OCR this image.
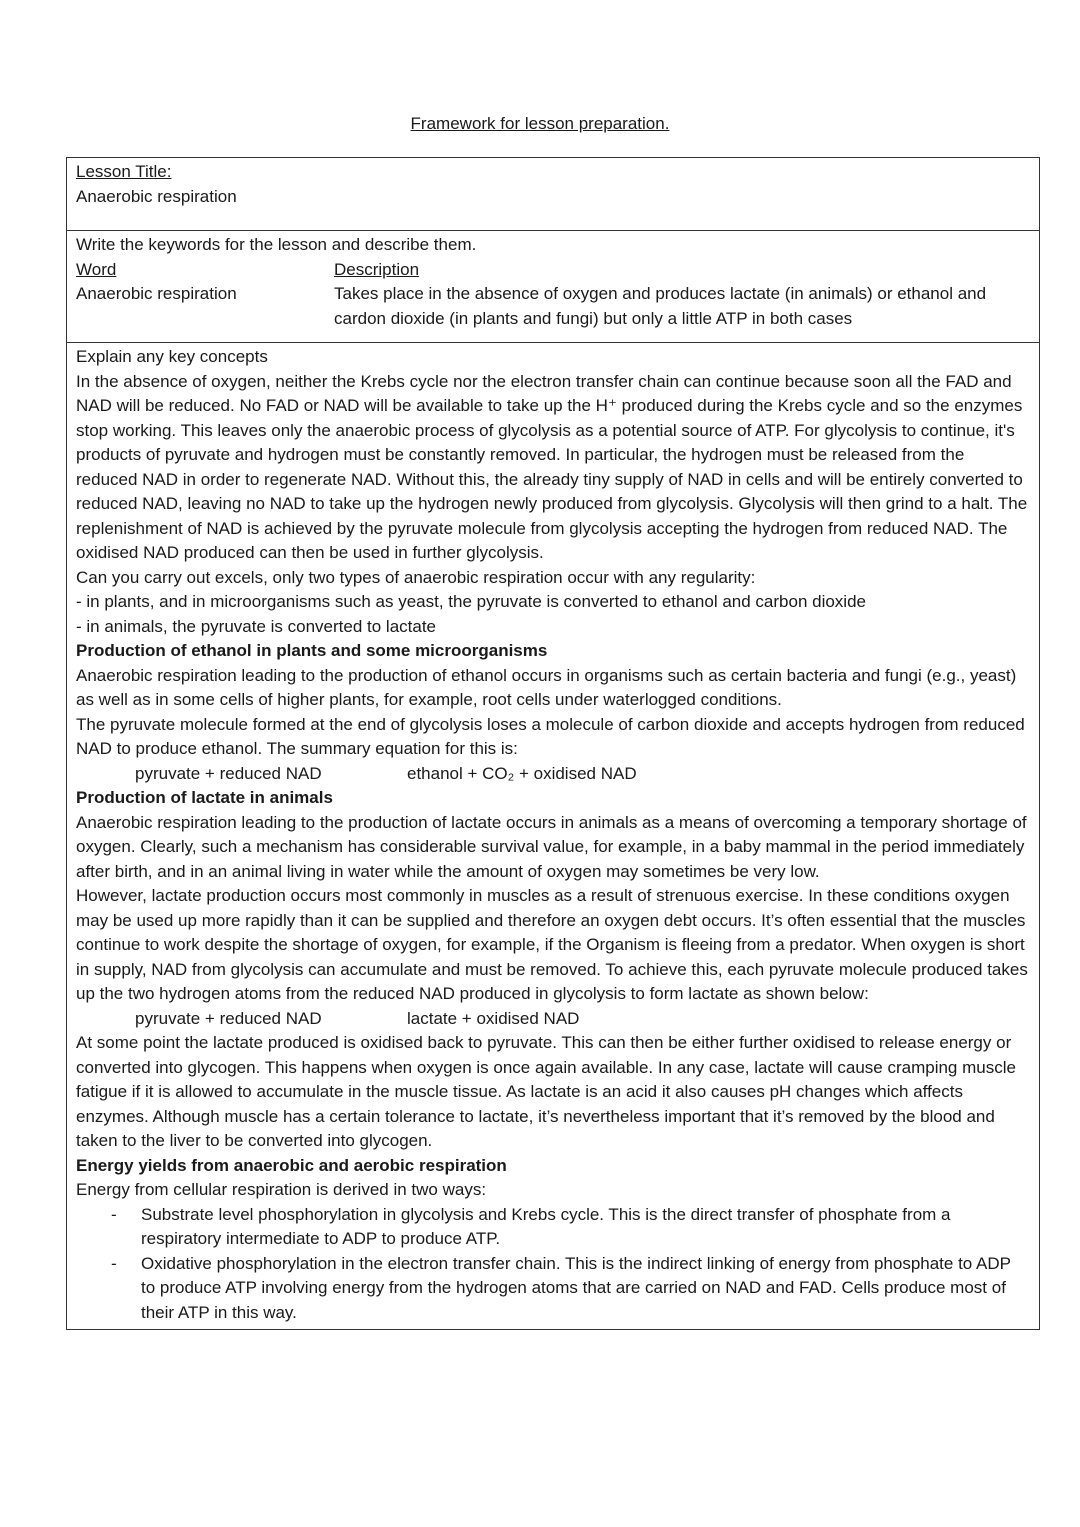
Framework for lesson preparation.
Lesson Title:
Anaerobic respiration
Write the keywords for the lesson and describe them.
Word	Description
Anaerobic respiration	Takes place in the absence of oxygen and produces lactate (in animals) or ethanol and cardon dioxide (in plants and fungi) but only a little ATP in both cases

Explain any key concepts

In the absence of oxygen, neither the Krebs cycle nor the electron transfer chain can continue because soon all the FAD and NAD will be reduced. No FAD or NAD will be available to take up the H⁺ produced during the Krebs cycle and so the enzymes stop working. This leaves only the anaerobic process of glycolysis as a potential source of ATP. For glycolysis to continue, it's products of pyruvate and hydrogen must be constantly removed. In particular, the hydrogen must be released from the reduced NAD in order to regenerate NAD. Without this, the already tiny supply of NAD in cells and will be entirely converted to reduced NAD, leaving no NAD to take up the hydrogen newly produced from glycolysis. Glycolysis will then grind to a halt. The replenishment of NAD is achieved by the pyruvate molecule from glycolysis accepting the hydrogen from reduced NAD. The oxidised NAD produced can then be used in further glycolysis.

Can you carry out excels, only two types of anaerobic respiration occur with any regularity:

- in plants, and in microorganisms such as yeast, the pyruvate is converted to ethanol and carbon dioxide

- in animals, the pyruvate is converted to lactate

Production of ethanol in plants and some microorganisms

Anaerobic respiration leading to the production of ethanol occurs in organisms such as certain bacteria and fungi (e.g., yeast) as well as in some cells of higher plants, for example, root cells under waterlogged conditions.

The pyruvate molecule formed at the end of glycolysis loses a molecule of carbon dioxide and accepts hydrogen from reduced NAD to produce ethanol. The summary equation for this is:

pyruvate + reduced NAD	ethanol + CO₂ + oxidised NAD

Production of lactate in animals

Anaerobic respiration leading to the production of lactate occurs in animals as a means of overcoming a temporary shortage of oxygen. Clearly, such a mechanism has considerable survival value, for example, in a baby mammal in the period immediately after birth, and in an animal living in water while the amount of oxygen may sometimes be very low.

However, lactate production occurs most commonly in muscles as a result of strenuous exercise. In these conditions oxygen may be used up more rapidly than it can be supplied and therefore an oxygen debt occurs. It’s often essential that the muscles continue to work despite the shortage of oxygen, for example, if the Organism is fleeing from a predator. When oxygen is short in supply, NAD from glycolysis can accumulate and must be removed. To achieve this, each pyruvate molecule produced takes up the two hydrogen atoms from the reduced NAD produced in glycolysis to form lactate as shown below:

pyruvate + reduced NAD	lactate + oxidised NAD

At some point the lactate produced is oxidised back to pyruvate. This can then be either further oxidised to release energy or converted into glycogen. This happens when oxygen is once again available. In any case, lactate will cause cramping muscle fatigue if it is allowed to accumulate in the muscle tissue. As lactate is an acid it also causes pH changes which affects enzymes. Although muscle has a certain tolerance to lactate, it’s nevertheless important that it’s removed by the blood and taken to the liver to be converted into glycogen.

Energy yields from anaerobic and aerobic respiration

Energy from cellular respiration is derived in two ways:

-	Substrate level phosphorylation in glycolysis and Krebs cycle. This is the direct transfer of phosphate from a respiratory intermediate to ADP to produce ATP.
-	Oxidative phosphorylation in the electron transfer chain. This is the indirect linking of energy from phosphate to ADP to produce ATP involving energy from the hydrogen atoms that are carried on NAD and FAD. Cells produce most of their ATP in this way.
